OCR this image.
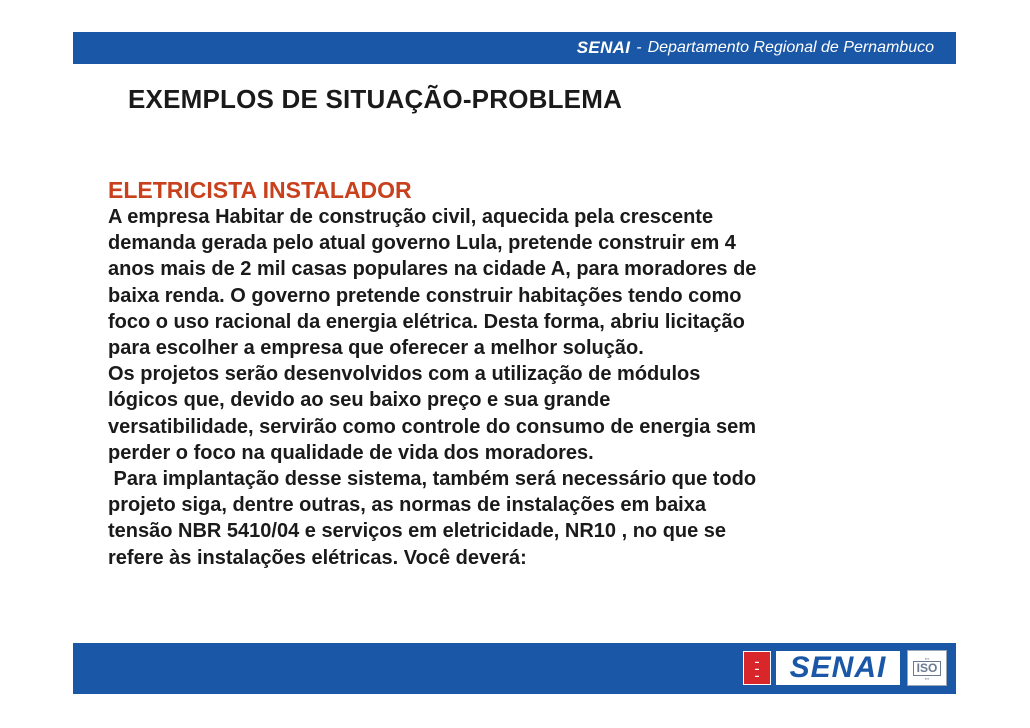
SENAI - Departamento Regional de Pernambuco
EXEMPLOS DE SITUAÇÃO-PROBLEMA

ELETRICISTA INSTALADOR

A empresa Habitar de construção civil, aquecida pela crescente

demanda gerada pelo atual governo Lula, pretende construir em 4

anos mais de 2 mil casas populares na cidade A, para moradores de

baixa renda. O governo pretende construir habitações tendo como

foco o uso racional da energia elétrica. Desta forma, abriu licitação

para escolher a empresa que oferecer a melhor solução.

Os projetos serão desenvolvidos com a utilização de módulos

lógicos que, devido ao seu baixo preço e sua grande

versatibilidade, servirão como controle do consumo de energia sem

perder o foco na qualidade de vida dos moradores.

Para implantação desse sistema, também será necessário que todo

projeto siga, dentre outras, as normas de instalações em baixa

tensão NBR 5410/04 e serviços em eletricidade, NR10 , no que se

refere às instalações elétricas. Você deverá:

▬
▬
▬ SENAI	▪▪▪
ISO
▪▪▪
